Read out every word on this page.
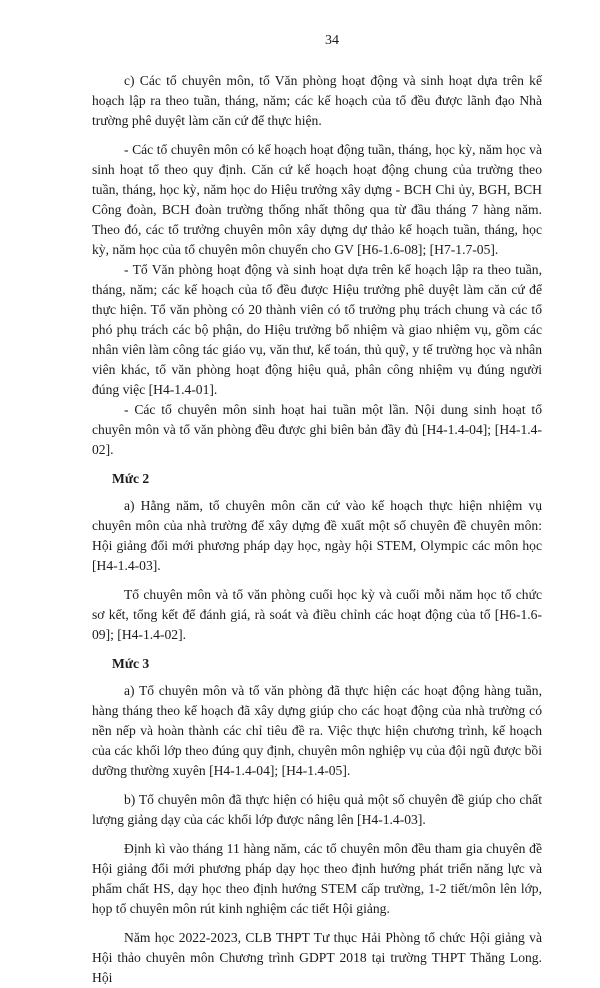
34

c) Các tổ chuyên môn, tổ Văn phòng hoạt động và sinh hoạt dựa trên kế hoạch lập ra theo tuần, tháng, năm; các kế hoạch của tổ đều được lãnh đạo Nhà trường phê duyệt làm căn cứ để thực hiện.

- Các tổ chuyên môn có kế hoạch hoạt động tuần, tháng, học kỳ, năm học và sinh hoạt tổ theo quy định. Căn cứ kế hoạch hoạt động chung của trường theo tuần, tháng, học kỳ, năm học do Hiệu trưởng xây dựng - BCH Chi ủy, BGH, BCH Công đoàn, BCH đoàn trường thống nhất thông qua từ đầu tháng 7 hàng năm. Theo đó, các tổ trưởng chuyên môn xây dựng dự thảo kế hoạch tuần, tháng, học kỳ, năm học của tổ chuyên môn chuyển cho GV [H6-1.6-08]; [H7-1.7-05].

- Tổ Văn phòng hoạt động và sinh hoạt dựa trên kế hoạch lập ra theo tuần, tháng, năm; các kế hoạch của tổ đều được Hiệu trưởng phê duyệt làm căn cứ để thực hiện. Tổ văn phòng có 20 thành viên có tổ trưởng phụ trách chung và các tổ phó phụ trách các bộ phận, do Hiệu trưởng bổ nhiệm và giao nhiệm vụ, gồm các nhân viên làm công tác giáo vụ, văn thư, kế toán, thủ quỹ, y tế trường học và nhân viên khác, tổ văn phòng hoạt động hiệu quả, phân công nhiệm vụ đúng người đúng việc [H4-1.4-01].

- Các tổ chuyên môn sinh hoạt hai tuần một lần. Nội dung sinh hoạt tổ chuyên môn và tổ văn phòng đều được ghi biên bản đầy đủ [H4-1.4-04]; [H4-1.4-02].

Mức 2

a) Hằng năm, tổ chuyên môn căn cứ vào kế hoạch thực hiện nhiệm vụ chuyên môn của nhà trường để xây dựng đề xuất một số chuyên đề chuyên môn: Hội giảng đổi mới phương pháp dạy học, ngày hội STEM, Olympic các môn học [H4-1.4-03].

Tổ chuyên môn và tổ văn phòng cuối học kỳ và cuối mỗi năm học tổ chức sơ kết, tổng kết để đánh giá, rà soát và điều chỉnh các hoạt động của tổ [H6-1.6-09]; [H4-1.4-02].

Mức 3

a) Tổ chuyên môn và tổ văn phòng đã thực hiện các hoạt động hàng tuần, hàng tháng theo kế hoạch đã xây dựng giúp cho các hoạt động của nhà trường có nền nếp và hoàn thành các chỉ tiêu đề ra. Việc thực hiện chương trình, kế hoạch của các khối lớp theo đúng quy định, chuyên môn nghiệp vụ của đội ngũ được bồi dưỡng thường xuyên [H4-1.4-04]; [H4-1.4-05].

b) Tổ chuyên môn đã thực hiện có hiệu quả một số chuyên đề giúp cho chất lượng giảng dạy của các khối lớp được nâng lên [H4-1.4-03].

Định kì vào tháng 11 hàng năm, các tổ chuyên môn đều tham gia chuyên đề Hội giảng đổi mới phương pháp dạy học theo định hướng phát triển năng lực và phẩm chất HS, dạy học theo định hướng STEM cấp trường, 1-2 tiết/môn lên lớp, họp tổ chuyên môn rút kinh nghiệm các tiết Hội giảng.

Năm học 2022-2023, CLB THPT Tư thục Hải Phòng tổ chức Hội giảng và Hội thảo chuyên môn Chương trình GDPT 2018 tại trường THPT Thăng Long. Hội
